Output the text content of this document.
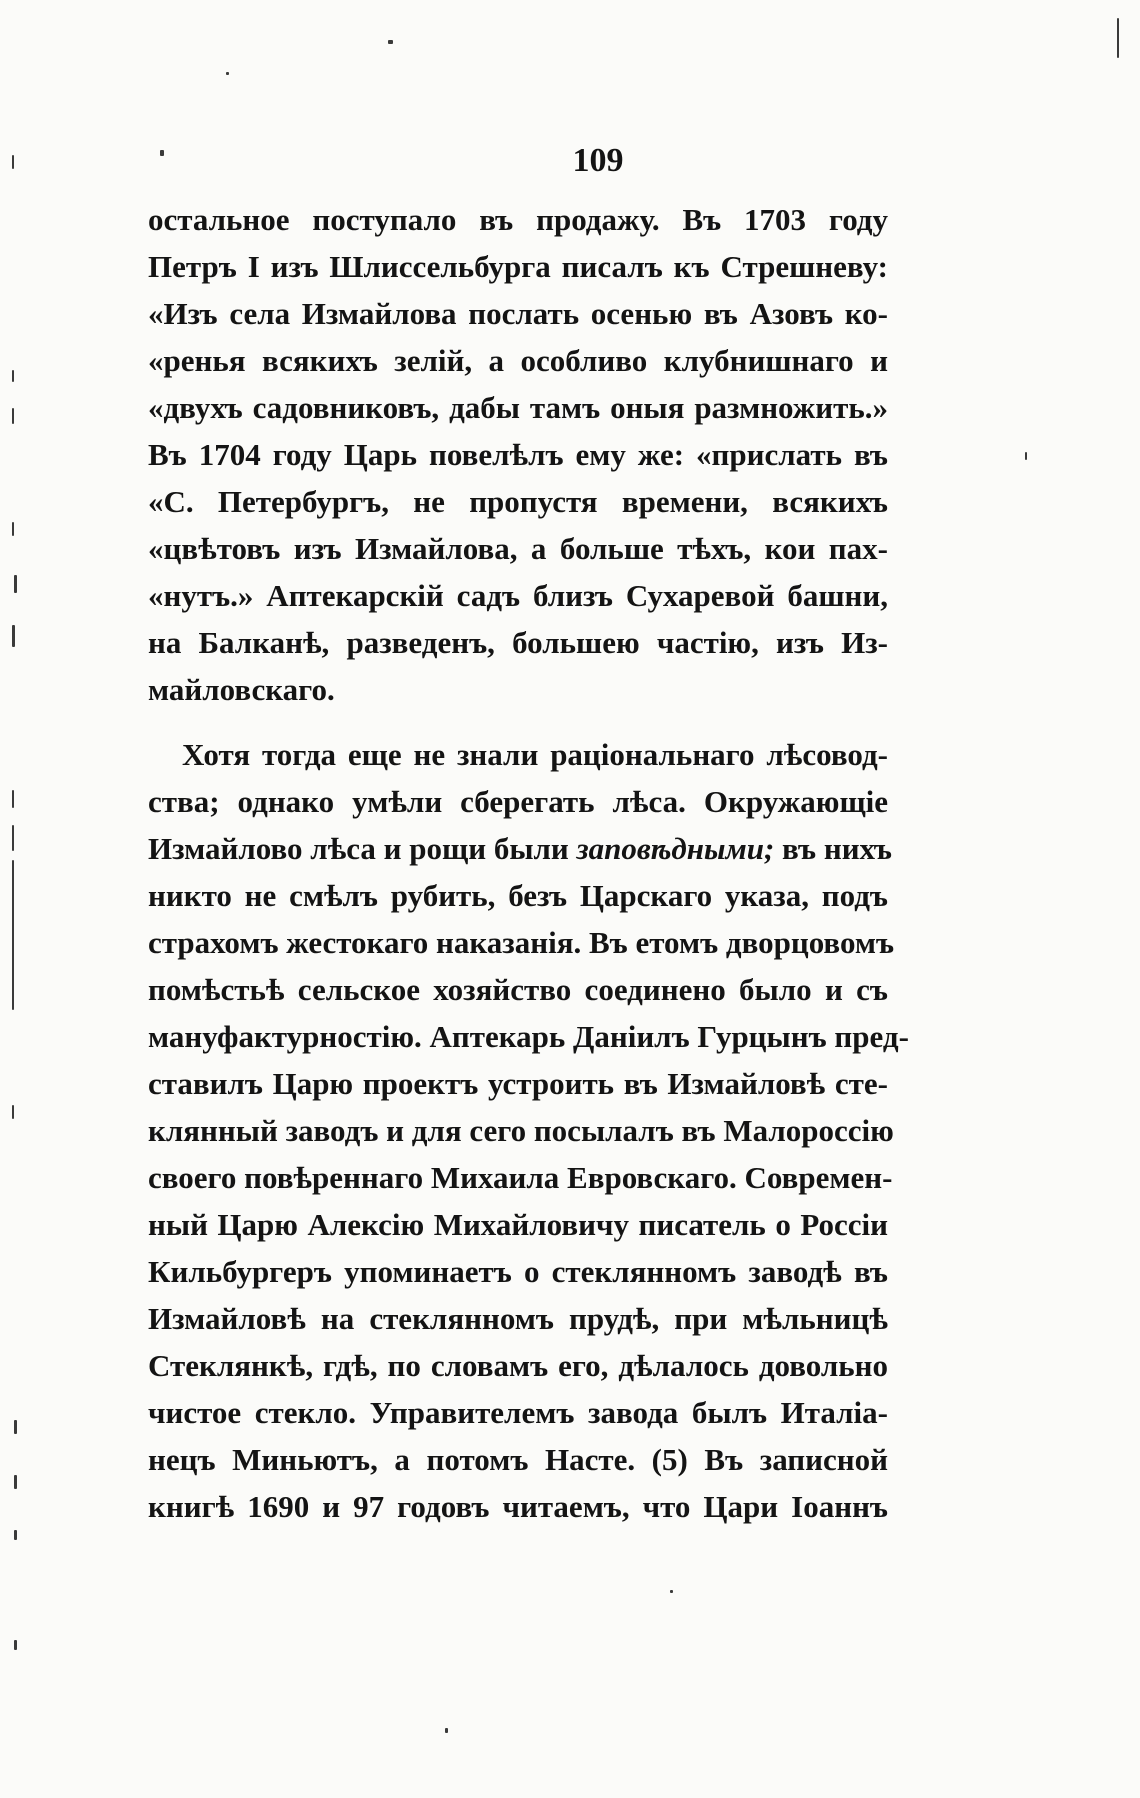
109
остальное поступало въ продажу. Въ 1703 году
Петръ I изъ Шлиссельбурга писалъ къ Стрешневу:
«Изъ села Измайлова послать осенью въ Азовъ ко-
«ренья всякихъ зелій, а особливо клубнишнаго и
«двухъ садовниковъ, дабы тамъ оныя размножить.»
Въ 1704 году Царь повелѣлъ ему же: «прислать въ
«С. Петербургъ, не пропустя времени, всякихъ
«цвѣтовъ изъ Измайлова, а больше тѣхъ, кои пах-
«нутъ.» Аптекарскій садъ близъ Сухаревой башни,
на Балканѣ, разведенъ, большею частію, изъ Из-
майловскаго.
Хотя тогда еще не знали раціональнаго лѣсовод-
ства; однако умѣли сберегать лѣса. Окружающіе
Измайлово лѣса и рощи были заповѣдными; въ нихъ
никто не смѣлъ рубить, безъ Царскаго указа, подъ
страхомъ жестокаго наказанія. Въ етомъ дворцовомъ
помѣстьѣ сельское хозяйство соединено было и съ
мануфактурностію. Аптекарь Даніилъ Гурцынъ пред-
ставилъ Царю проектъ устроить въ Измайловѣ сте-
клянный заводъ и для сего посылалъ въ Малороссію
своего повѣреннаго Михаила Евровскаго. Современ-
ный Царю Алексію Михайловичу писатель о Россіи
Кильбургеръ упоминаетъ о стеклянномъ заводѣ въ
Измайловѣ на стеклянномъ прудѣ, при мѣльницѣ
Стеклянкѣ, гдѣ, по словамъ его, дѣлалось довольно
чистое стекло. Управителемъ завода былъ Италіа-
нецъ Миньютъ, а потомъ Насте. (5) Въ записной
книгѣ 1690 и 97 годовъ читаемъ, что Цари Іоаннъ
